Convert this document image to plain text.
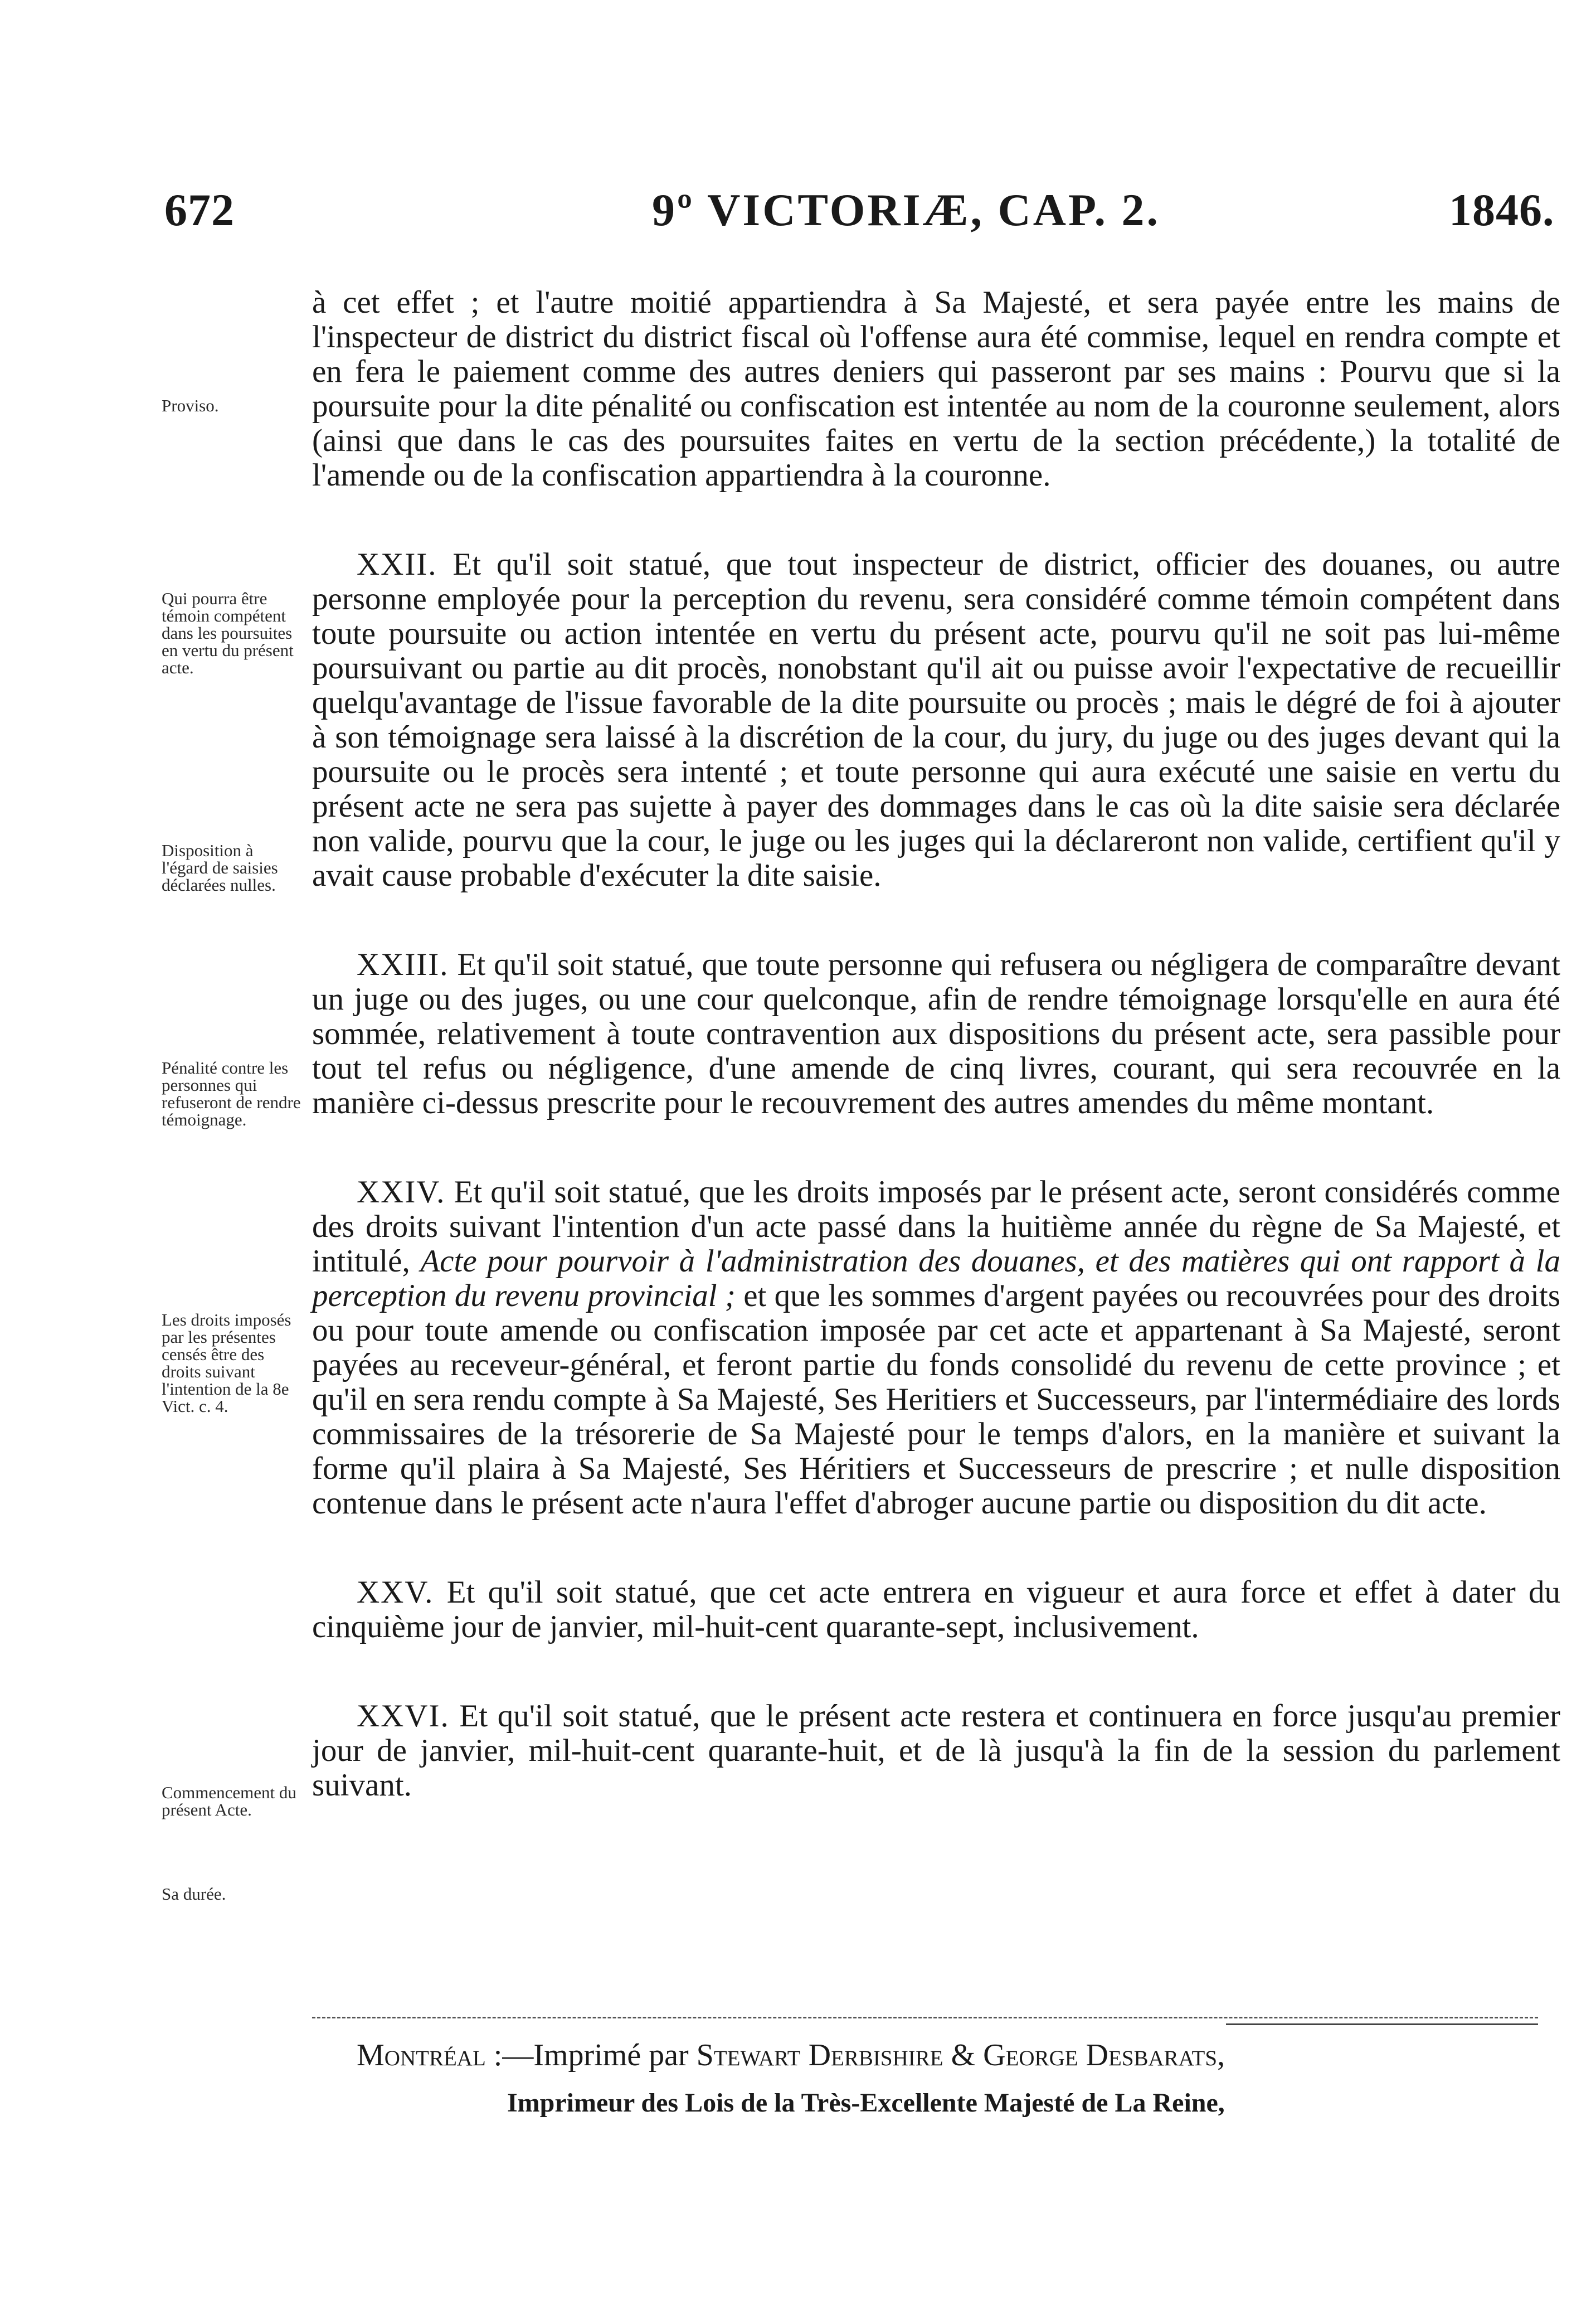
672	9º VICTORIÆ, CAP. 2.	1846.
Proviso.
Qui pourra être témoin compétent dans les poursuites en vertu du présent acte.
Disposition à l'égard de saisies déclarées nulles.
Pénalité contre les personnes qui refuseront de rendre témoignage.
Les droits imposés par les présentes censés être des droits suivant l'intention de la 8e Vict. c. 4.
Commencement du présent Acte.
Sa durée.

à cet effet ; et l'autre moitié appartiendra à Sa Majesté, et sera payée entre les mains de l'inspecteur de district du district fiscal où l'offense aura été commise, lequel en rendra compte et en fera le paiement comme des autres deniers qui passeront par ses mains : Pourvu que si la poursuite pour la dite pénalité ou confiscation est intentée au nom de la couronne seulement, alors (ainsi que dans le cas des poursuites faites en vertu de la section précédente,) la totalité de l'amende ou de la confiscation appartiendra à la couronne.

XXII. Et qu'il soit statué, que tout inspecteur de district, officier des douanes, ou autre personne employée pour la perception du revenu, sera considéré comme témoin compétent dans toute poursuite ou action intentée en vertu du présent acte, pourvu qu'il ne soit pas lui-même poursuivant ou partie au dit procès, nonobstant qu'il ait ou puisse avoir l'expectative de recueillir quelqu'avantage de l'issue favorable de la dite poursuite ou procès ; mais le dégré de foi à ajouter à son témoignage sera laissé à la discrétion de la cour, du jury, du juge ou des juges devant qui la poursuite ou le procès sera intenté ; et toute personne qui aura exécuté une saisie en vertu du présent acte ne sera pas sujette à payer des dommages dans le cas où la dite saisie sera déclarée non valide, pourvu que la cour, le juge ou les juges qui la déclareront non valide, certifient qu'il y avait cause probable d'exécuter la dite saisie.

XXIII. Et qu'il soit statué, que toute personne qui refusera ou négligera de comparaître devant un juge ou des juges, ou une cour quelconque, afin de rendre témoignage lorsqu'elle en aura été sommée, relativement à toute contravention aux dispositions du présent acte, sera passible pour tout tel refus ou négligence, d'une amende de cinq livres, courant, qui sera recouvrée en la manière ci-dessus prescrite pour le recouvrement des autres amendes du même montant.

XXIV. Et qu'il soit statué, que les droits imposés par le présent acte, seront considérés comme des droits suivant l'intention d'un acte passé dans la huitième année du règne de Sa Majesté, et intitulé, Acte pour pourvoir à l'administration des douanes, et des matières qui ont rapport à la perception du revenu provincial ; et que les sommes d'argent payées ou recouvrées pour des droits ou pour toute amende ou confiscation imposée par cet acte et appartenant à Sa Majesté, seront payées au receveur-général, et feront partie du fonds consolidé du revenu de cette province ; et qu'il en sera rendu compte à Sa Majesté, Ses Heritiers et Successeurs, par l'intermédiaire des lords commissaires de la trésorerie de Sa Majesté pour le temps d'alors, en la manière et suivant la forme qu'il plaira à Sa Majesté, Ses Héritiers et Successeurs de prescrire ; et nulle disposition contenue dans le présent acte n'aura l'effet d'abroger aucune partie ou disposition du dit acte.

XXV. Et qu'il soit statué, que cet acte entrera en vigueur et aura force et effet à dater du cinquième jour de janvier, mil-huit-cent quarante-sept, inclusivement.

XXVI. Et qu'il soit statué, que le présent acte restera et continuera en force jusqu'au premier jour de janvier, mil-huit-cent quarante-huit, et de là jusqu'à la fin de la session du parlement suivant.

Montréal :—Imprimé par Stewart Derbishire & George Desbarats,
Imprimeur des Lois de la Très-Excellente Majesté de La Reine,
